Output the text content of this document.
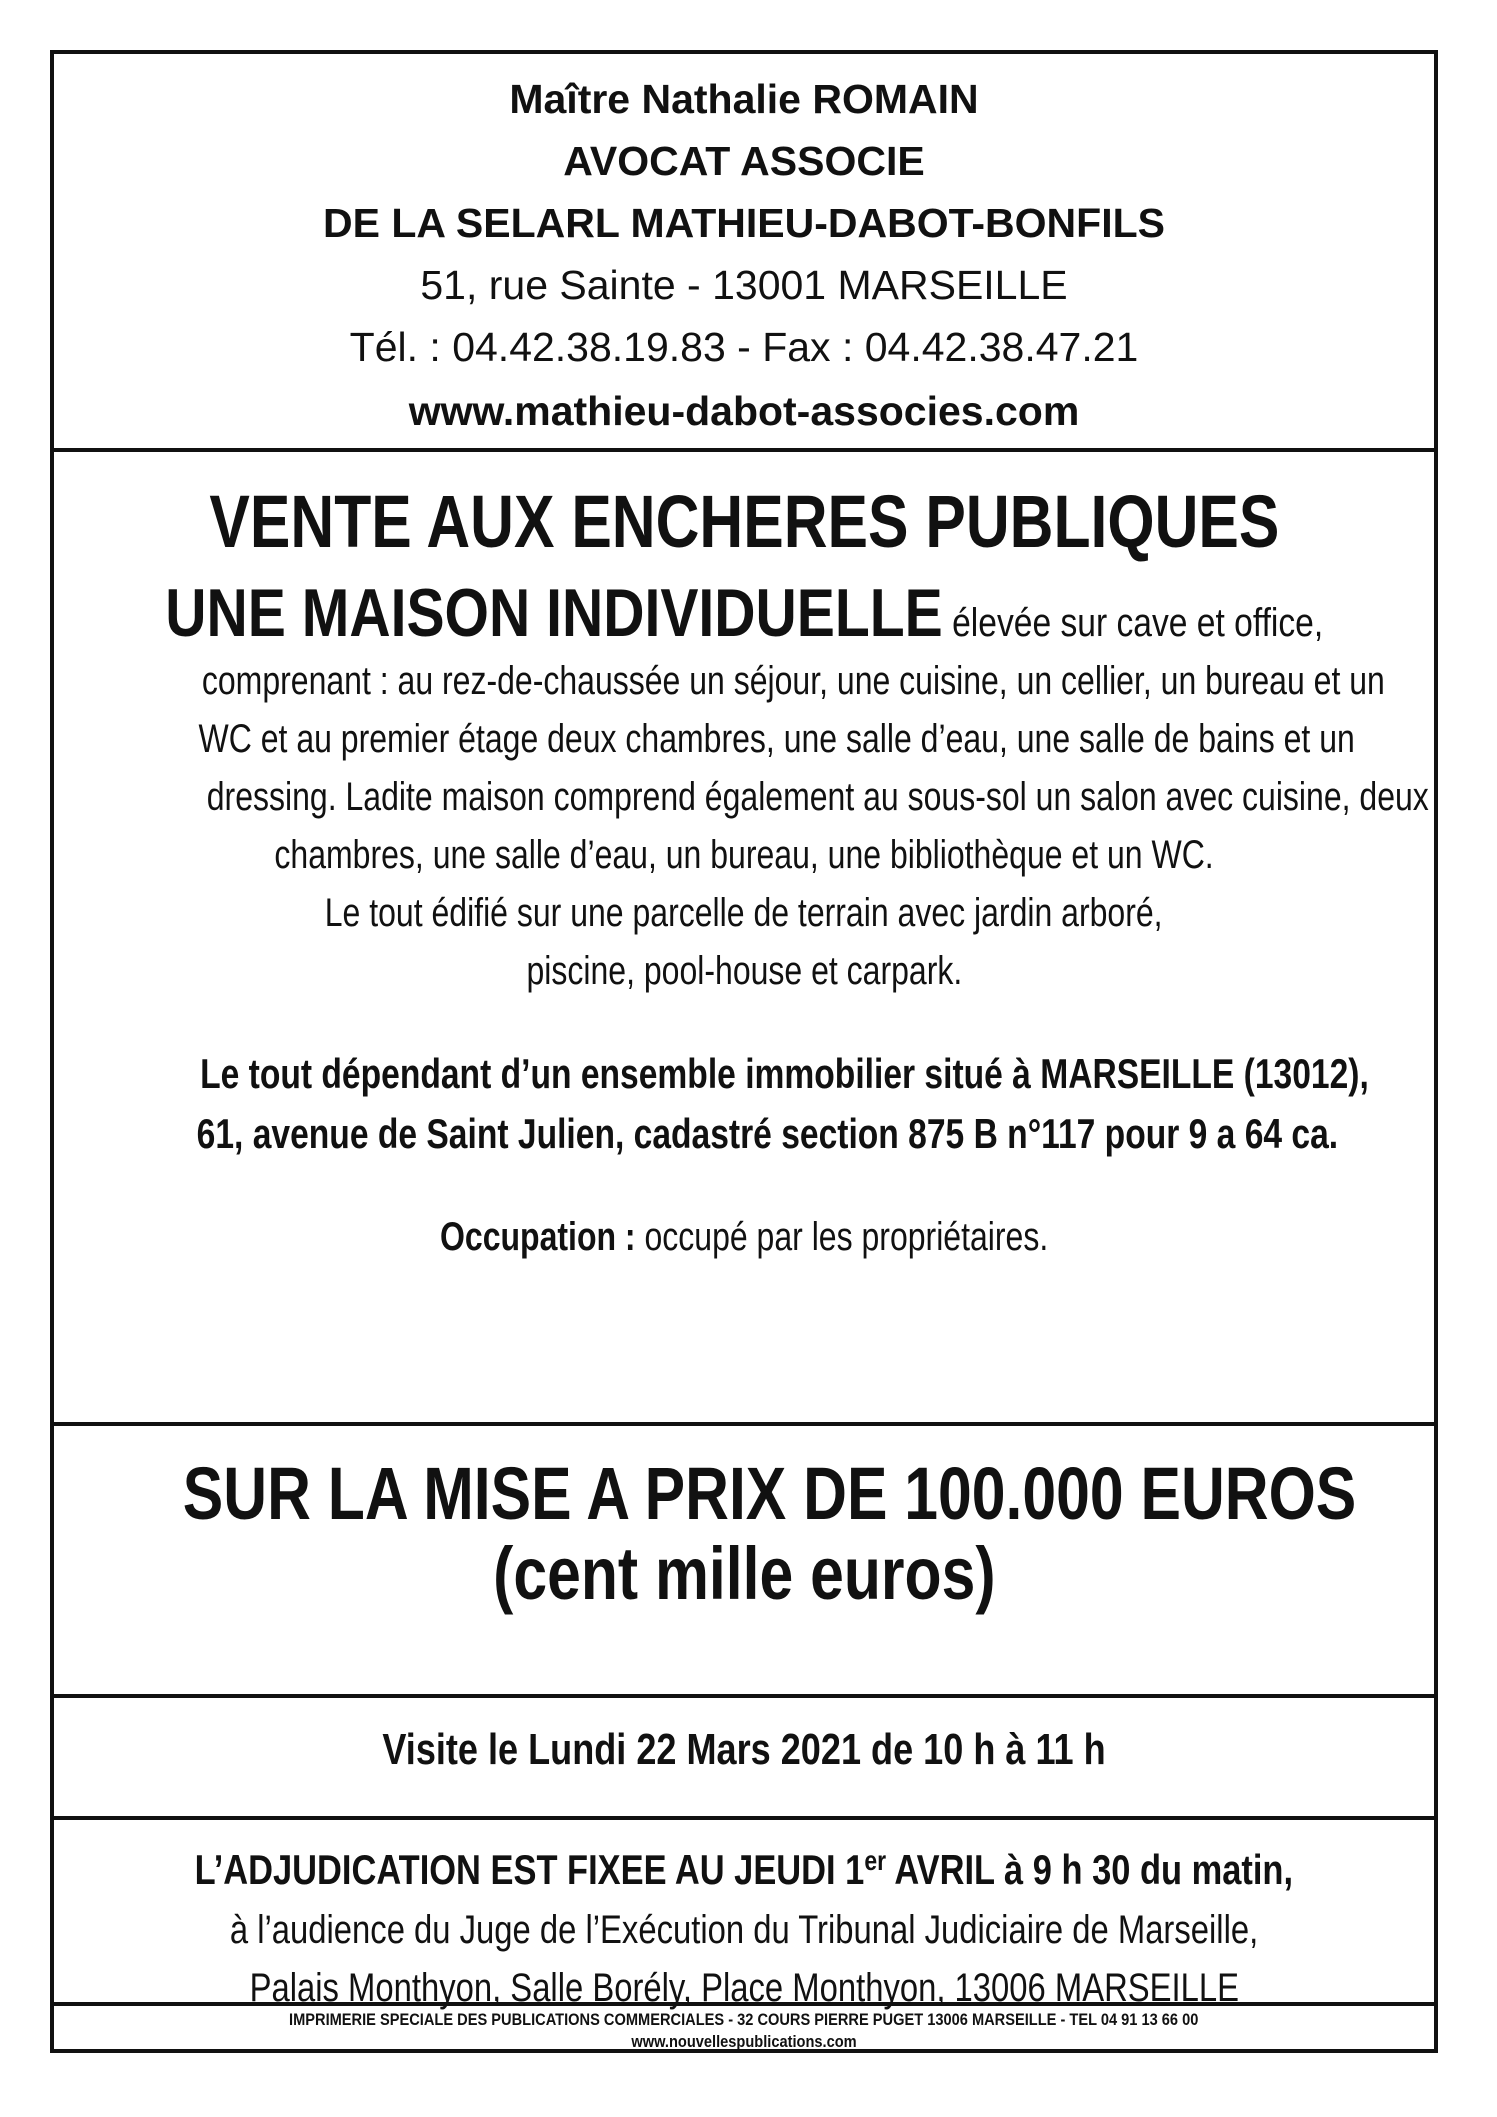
Maître Nathalie ROMAIN
AVOCAT ASSOCIE
DE LA SELARL MATHIEU-DABOT-BONFILS
51, rue Sainte - 13001 MARSEILLE
Tél. : 04.42.38.19.83 - Fax : 04.42.38.47.21
www.mathieu-dabot-associes.com
VENTE AUX ENCHERES PUBLIQUES
UNE MAISON INDIVIDUELLE élevée sur cave et office,
comprenant : au rez-de-chaussée un séjour, une cuisine, un cellier, un bureau et un
WC et au premier étage deux chambres, une salle d’eau, une salle de bains et un
dressing. Ladite maison comprend également au sous-sol un salon avec cuisine, deux
chambres, une salle d’eau, un bureau, une bibliothèque et un WC.
Le tout édifié sur une parcelle de terrain avec jardin arboré,
piscine, pool-house et carpark.
Le tout dépendant d’un ensemble immobilier situé à MARSEILLE (13012),
61, avenue de Saint Julien, cadastré section 875 B n°117 pour 9 a 64 ca.
Occupation : occupé par les propriétaires.
SUR LA MISE A PRIX DE 100.000 EUROS
(cent mille euros)
Visite le Lundi 22 Mars 2021 de 10 h à 11 h
L’ADJUDICATION EST FIXEE AU JEUDI 1er AVRIL à 9 h 30 du matin,
à l’audience du Juge de l’Exécution du Tribunal Judiciaire de Marseille,
Palais Monthyon, Salle Borély, Place Monthyon, 13006 MARSEILLE
IMPRIMERIE SPECIALE DES PUBLICATIONS COMMERCIALES - 32 COURS PIERRE PUGET 13006 MARSEILLE - TEL 04 91 13 66 00
www.nouvellespublications.com
